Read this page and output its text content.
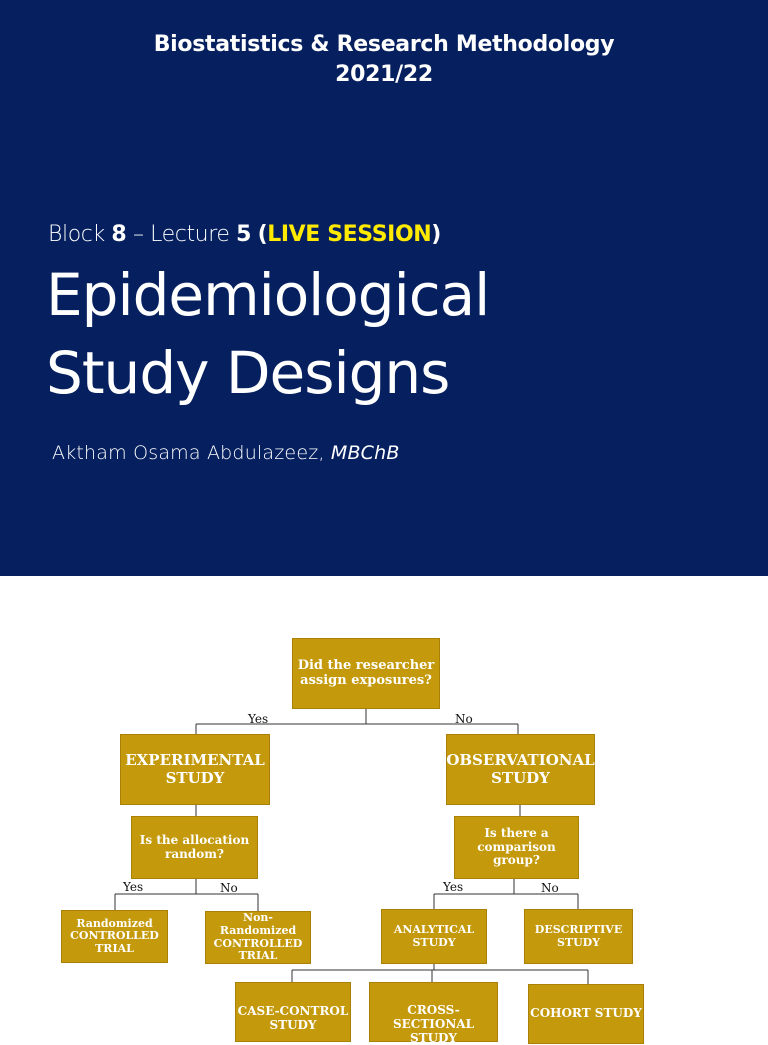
Biostatistics & Research Methodology
2021/22
Block 8 – Lecture 5 (LIVE SESSION)
Epidemiological
Study Designs
Aktham Osama Abdulazeez, MBChB
Did the researcher assign exposures?
EXPERIMENTAL STUDY
OBSERVATIONAL STUDY
Is the allocation random?
Is there a comparison group?
Randomized CONTROLLED TRIAL
Non-Randomized CONTROLLED TRIAL
ANALYTICAL STUDY
DESCRIPTIVE STUDY
CASE-CONTROL STUDY
CROSS-SECTIONAL STUDY
COHORT STUDY
Yes	No
Yes	No	Yes	No
